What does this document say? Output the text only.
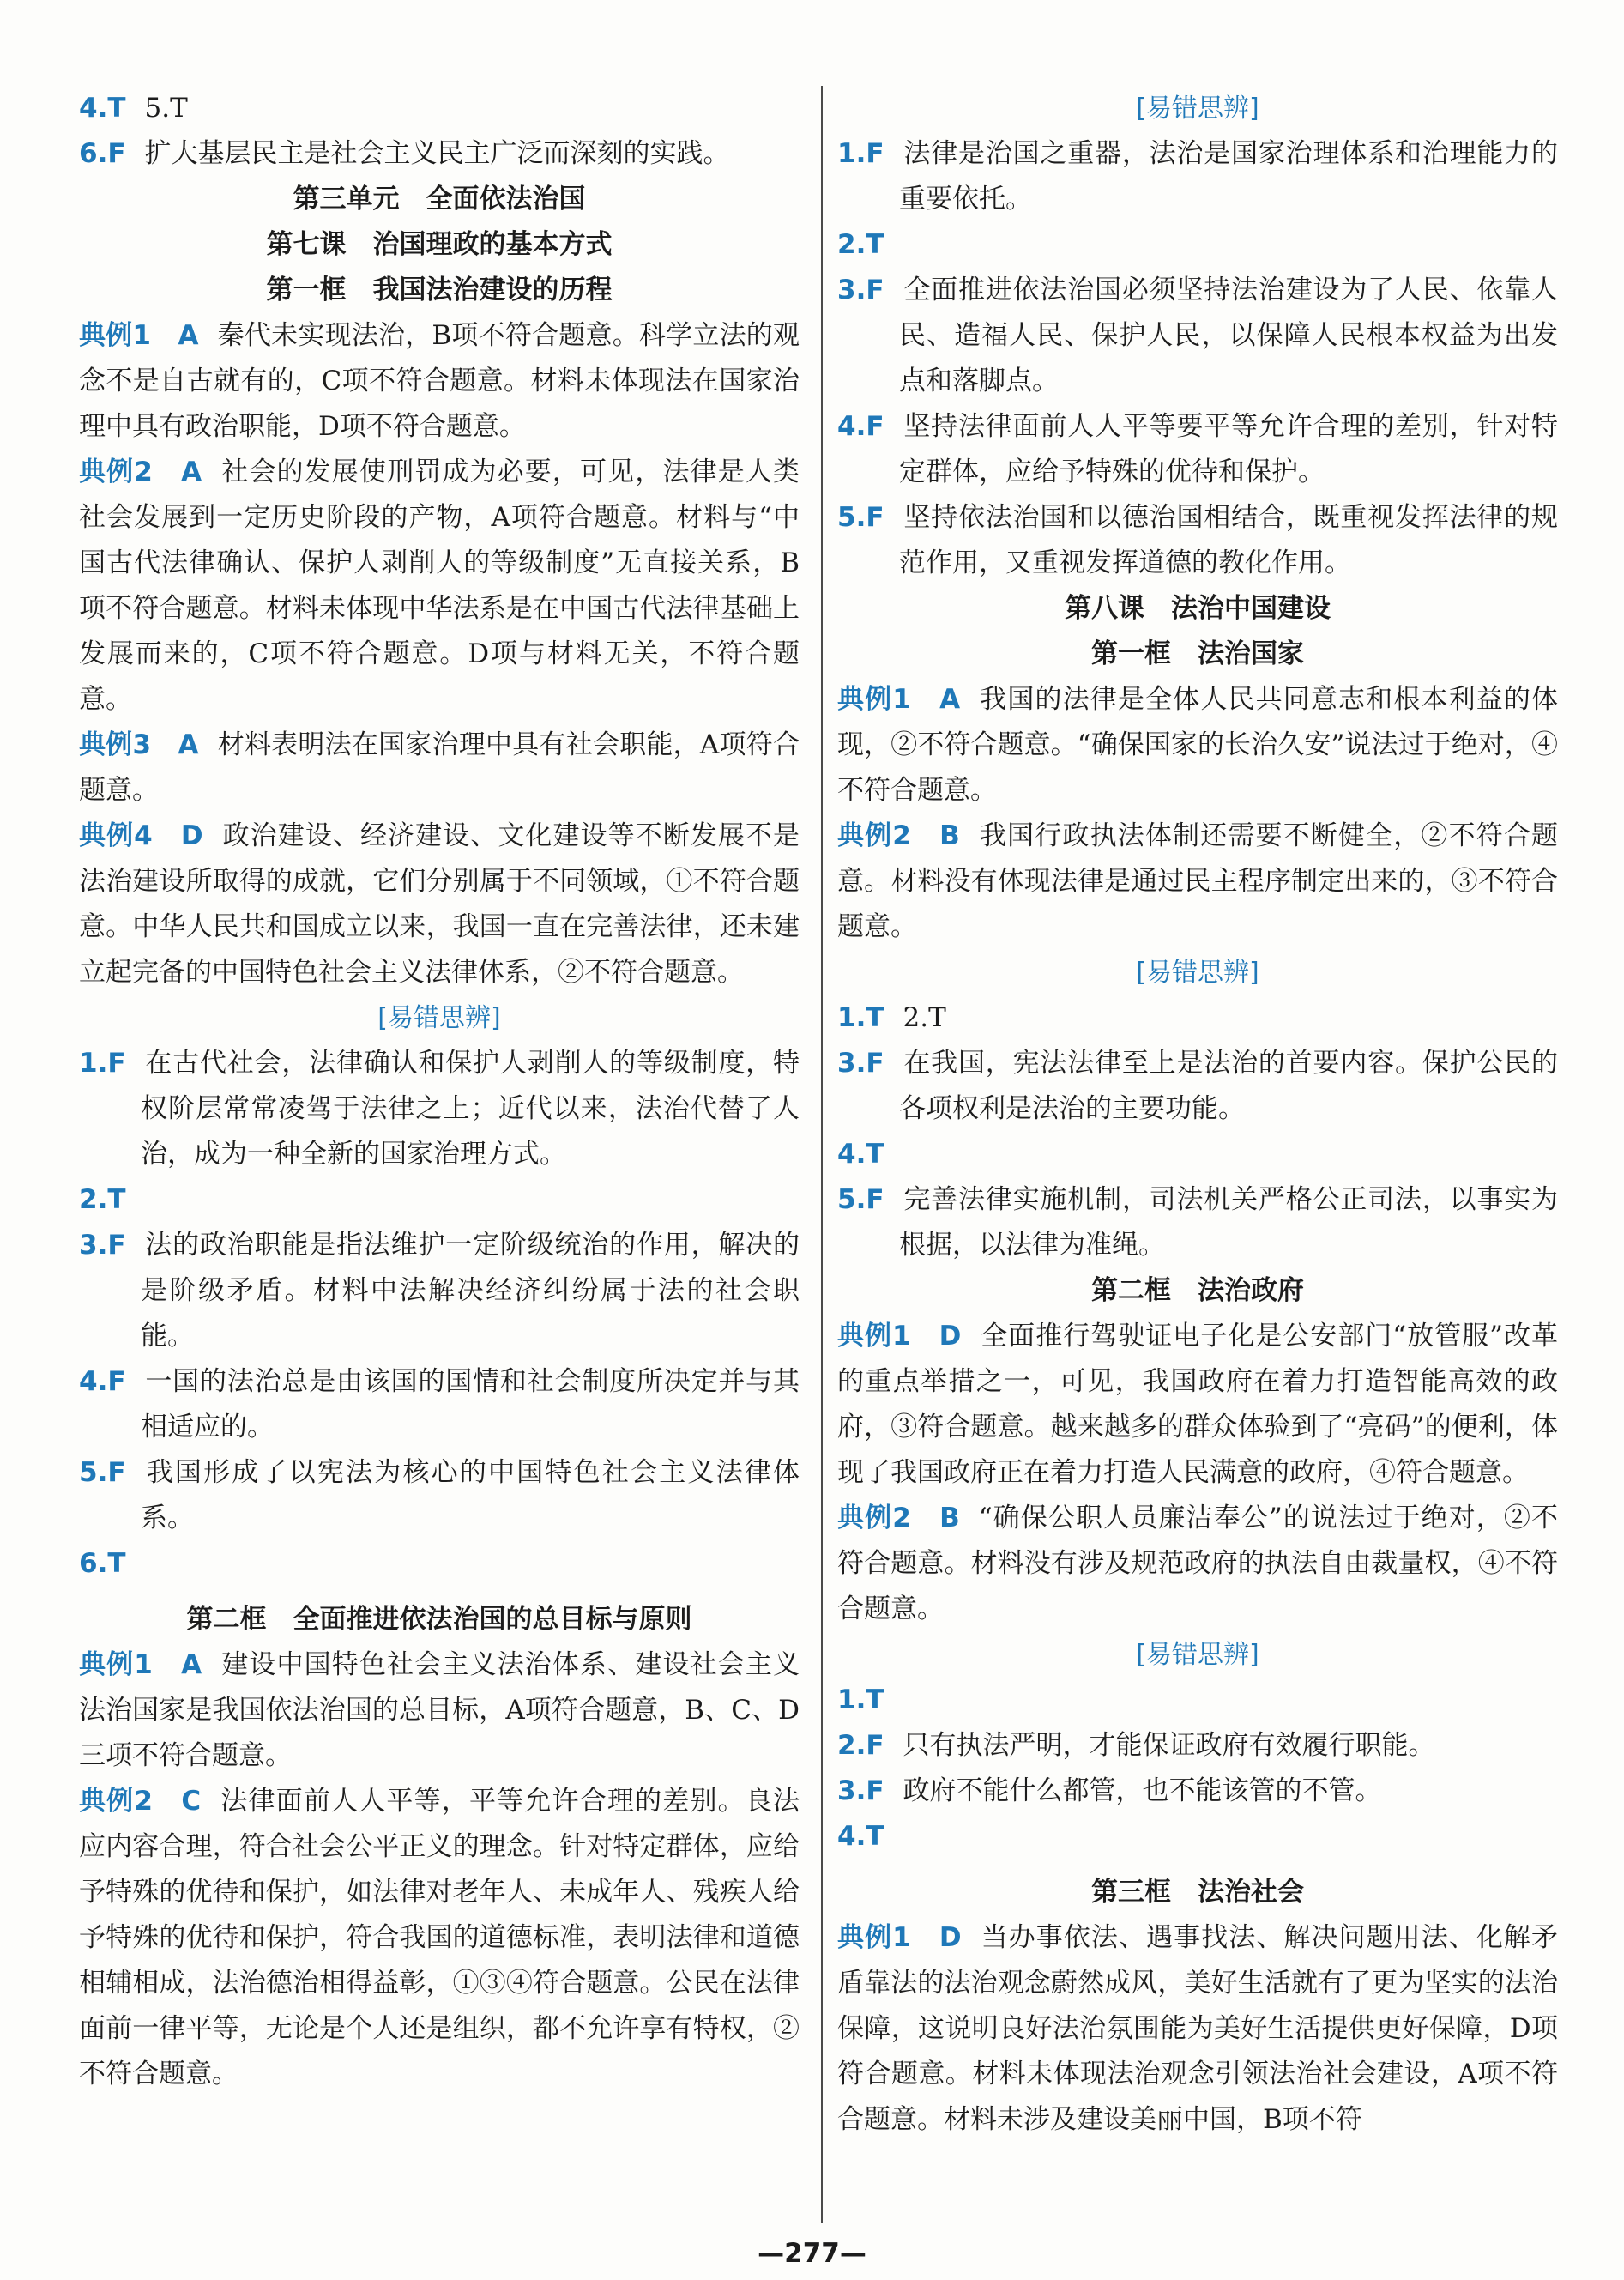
4.T 5.T

6.F 扩大基层民主是社会主义民主广泛而深刻的实践。

第三单元　全面依法治国

第七课　治国理政的基本方式

第一框　我国法治建设的历程

典例1　A 秦代未实现法治，B项不符合题意。科学立法的观念不是自古就有的，C项不符合题意。材料未体现法在国家治理中具有政治职能，D项不符合题意。

典例2　A 社会的发展使刑罚成为必要，可见，法律是人类社会发展到一定历史阶段的产物，A项符合题意。材料与“中国古代法律确认、保护人剥削人的等级制度”无直接关系，B项不符合题意。材料未体现中华法系是在中国古代法律基础上发展而来的，C项不符合题意。D项与材料无关，不符合题意。

典例3　A 材料表明法在国家治理中具有社会职能，A项符合题意。

典例4　D 政治建设、经济建设、文化建设等不断发展不是法治建设所取得的成就，它们分别属于不同领域，①不符合题意。中华人民共和国成立以来，我国一直在完善法律，还未建立起完备的中国特色社会主义法律体系，②不符合题意。

[易错思辨]

1.F 在古代社会，法律确认和保护人剥削人的等级制度，特权阶层常常凌驾于法律之上；近代以来，法治代替了人治，成为一种全新的国家治理方式。

2.T

3.F 法的政治职能是指法维护一定阶级统治的作用，解决的是阶级矛盾。材料中法解决经济纠纷属于法的社会职能。

4.F 一国的法治总是由该国的国情和社会制度所决定并与其相适应的。

5.F 我国形成了以宪法为核心的中国特色社会主义法律体系。

6.T

第二框　全面推进依法治国的总目标与原则

典例1　A 建设中国特色社会主义法治体系、建设社会主义法治国家是我国依法治国的总目标，A项符合题意，B、C、D三项不符合题意。

典例2　C 法律面前人人平等，平等允许合理的差别。良法应内容合理，符合社会公平正义的理念。针对特定群体，应给予特殊的优待和保护，如法律对老年人、未成年人、残疾人给予特殊的优待和保护，符合我国的道德标准，表明法律和道德相辅相成，法治德治相得益彰，①③④符合题意。公民在法律面前一律平等，无论是个人还是组织，都不允许享有特权，②不符合题意。

[易错思辨]

1.F 法律是治国之重器，法治是国家治理体系和治理能力的重要依托。

2.T

3.F 全面推进依法治国必须坚持法治建设为了人民、依靠人民、造福人民、保护人民，以保障人民根本权益为出发点和落脚点。

4.F 坚持法律面前人人平等要平等允许合理的差别，针对特定群体，应给予特殊的优待和保护。

5.F 坚持依法治国和以德治国相结合，既重视发挥法律的规范作用，又重视发挥道德的教化作用。

第八课　法治中国建设

第一框　法治国家

典例1　A 我国的法律是全体人民共同意志和根本利益的体现，②不符合题意。“确保国家的长治久安”说法过于绝对，④不符合题意。

典例2　B 我国行政执法体制还需要不断健全，②不符合题意。材料没有体现法律是通过民主程序制定出来的，③不符合题意。

[易错思辨]

1.T 2.T

3.F 在我国，宪法法律至上是法治的首要内容。保护公民的各项权利是法治的主要功能。

4.T

5.F 完善法律实施机制，司法机关严格公正司法，以事实为根据，以法律为准绳。

第二框　法治政府

典例1　D 全面推行驾驶证电子化是公安部门“放管服”改革的重点举措之一，可见，我国政府在着力打造智能高效的政府，③符合题意。越来越多的群众体验到了“亮码”的便利，体现了我国政府正在着力打造人民满意的政府，④符合题意。

典例2　B “确保公职人员廉洁奉公”的说法过于绝对，②不符合题意。材料没有涉及规范政府的执法自由裁量权，④不符合题意。

[易错思辨]

1.T

2.F 只有执法严明，才能保证政府有效履行职能。

3.F 政府不能什么都管，也不能该管的不管。

4.T

第三框　法治社会

典例1　D 当办事依法、遇事找法、解决问题用法、化解矛盾靠法的法治观念蔚然成风，美好生活就有了更为坚实的法治保障，这说明良好法治氛围能为美好生活提供更好保障，D项符合题意。材料未体现法治观念引领法治社会建设，A项不符合题意。材料未涉及建设美丽中国，B项不符

—277—
